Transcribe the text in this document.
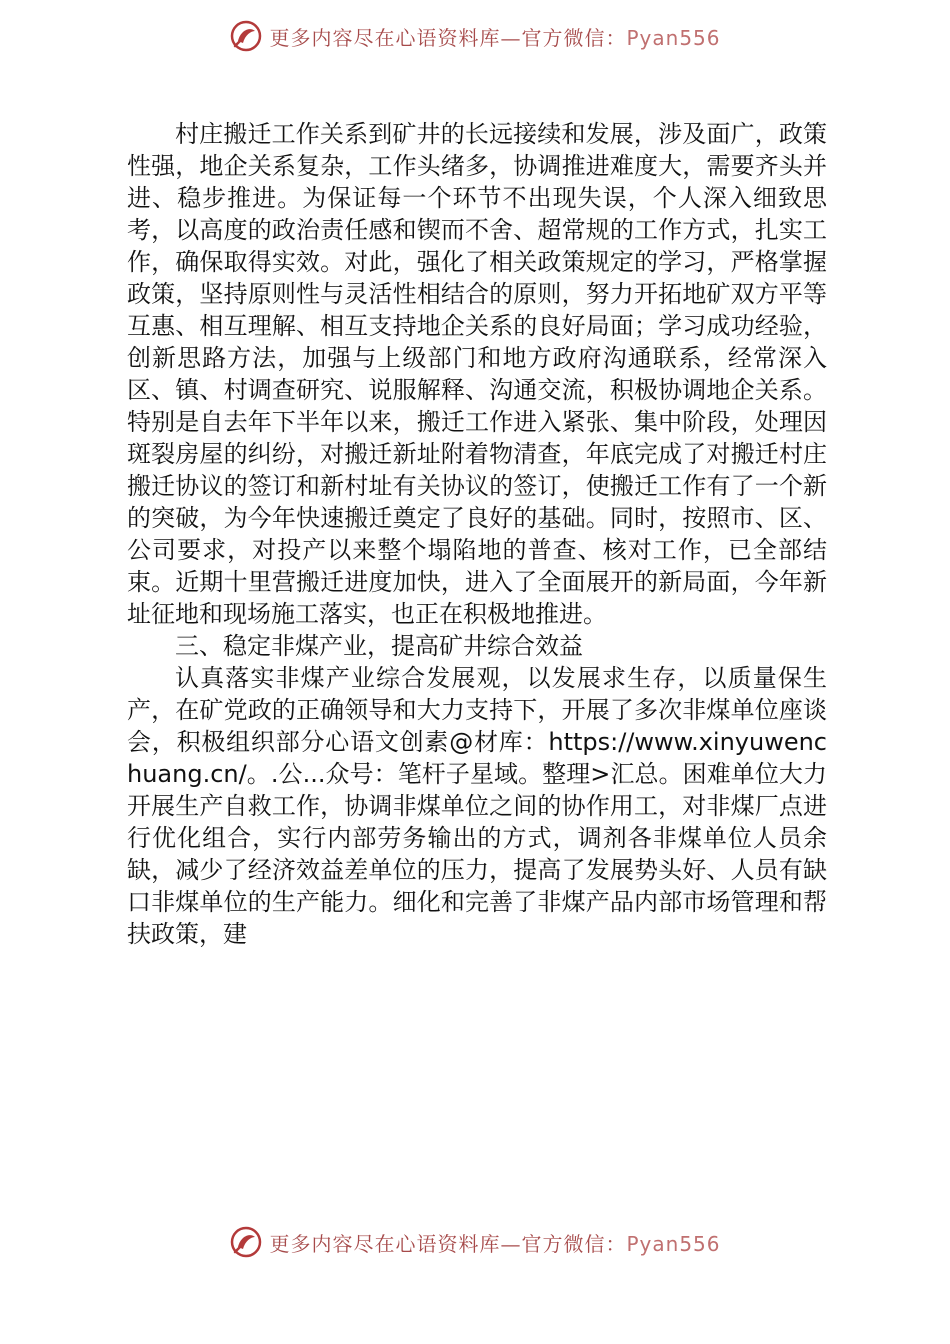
更多内容尽在心语资料库—官方微信：Pyan556

村庄搬迁工作关系到矿井的长远接续和发展，涉及面广，政策性强，地企关系复杂，工作头绪多，协调推进难度大，需要齐头并进、稳步推进。为保证每一个环节不出现失误，个人深入细致思考，以高度的政治责任感和锲而不舍、超常规的工作方式，扎实工作，确保取得实效。对此，强化了相关政策规定的学习，严格掌握政策，坚持原则性与灵活性相结合的原则，努力开拓地矿双方平等互惠、相互理解、相互支持地企关系的良好局面；学习成功经验，创新思路方法，加强与上级部门和地方政府沟通联系，经常深入区、镇、村调查研究、说服解释、沟通交流，积极协调地企关系。特别是自去年下半年以来，搬迁工作进入紧张、集中阶段，处理因斑裂房屋的纠纷，对搬迁新址附着物清查，年底完成了对搬迁村庄搬迁协议的签订和新村址有关协议的签订，使搬迁工作有了一个新的突破，为今年快速搬迁奠定了良好的基础。同时，按照市、区、公司要求，对投产以来整个塌陷地的普查、核对工作，已全部结束。近期十里营搬迁进度加快，进入了全面展开的新局面，今年新址征地和现场施工落实，也正在积极地推进。

三、稳定非煤产业，提高矿井综合效益

认真落实非煤产业综合发展观，以发展求生存，以质量保生产，在矿党政的正确领导和大力支持下，开展了多次非煤单位座谈会，积极组织部分心语文创素@材库：https://www.xinyuwenchuang.cn/。.公...众号：笔杆子星域。整理>汇总。困难单位大力开展生产自救工作，协调非煤单位之间的协作用工，对非煤厂点进行优化组合，实行内部劳务输出的方式，调剂各非煤单位人员余缺，减少了经济效益差单位的压力，提高了发展势头好、人员有缺口非煤单位的生产能力。细化和完善了非煤产品内部市场管理和帮扶政策，建

更多内容尽在心语资料库—官方微信：Pyan556
